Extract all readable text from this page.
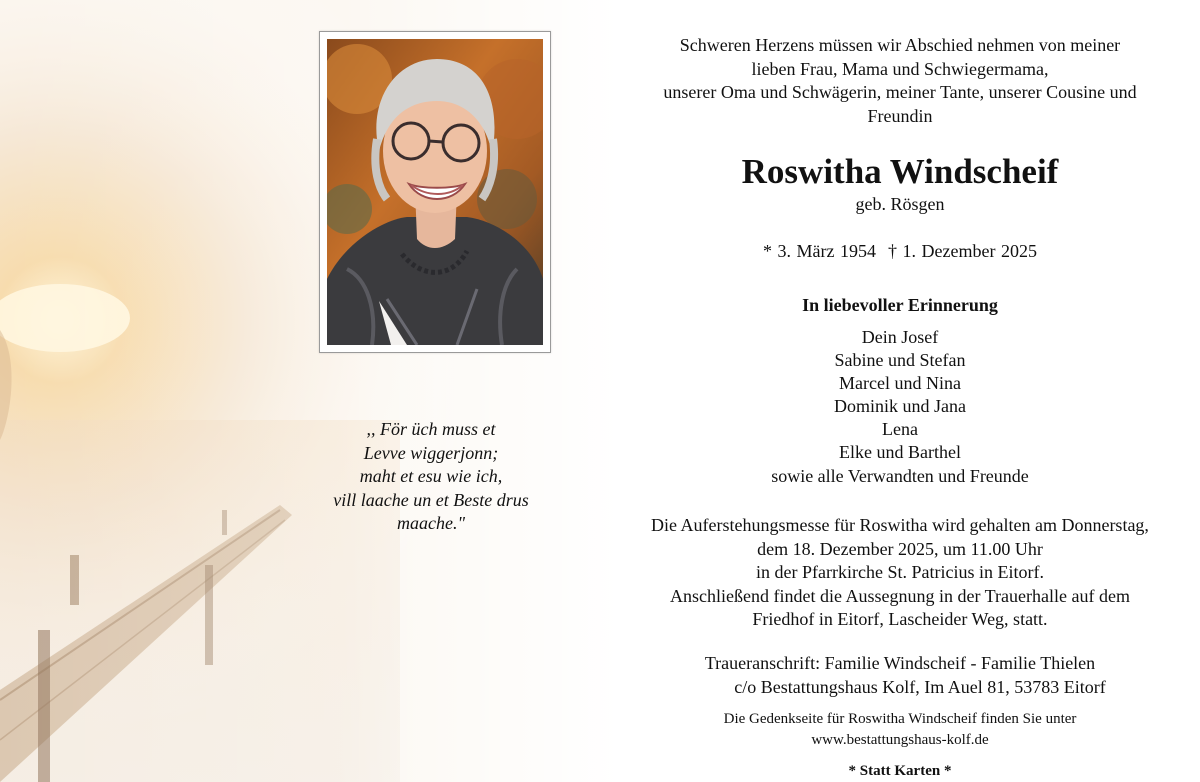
,, För üch muss et
Levve wiggerjonn;
maht et esu wie ich,
vill laache un et Beste drus
maache."
Schweren Herzens müssen wir Abschied nehmen von meiner
lieben Frau, Mama und Schwiegermama,
unserer Oma und Schwägerin, meiner Tante, unserer Cousine und
Freundin
Roswitha Windscheif
geb. Rösgen
* 3. März 1954 † 1. Dezember 2025
In liebevoller Erinnerung
Dein Josef
Sabine und Stefan
Marcel und Nina
Dominik und Jana
Lena
Elke und Barthel
sowie alle Verwandten und Freunde
Die Auferstehungsmesse für Roswitha wird gehalten am Donnerstag,
dem 18. Dezember 2025, um 11.00 Uhr
in der Pfarrkirche St. Patricius in Eitorf.
Anschließend findet die Aussegnung in der Trauerhalle auf dem
Friedhof in Eitorf, Lascheider Weg, statt.
Traueranschrift: Familie Windscheif - Familie Thielen
c/o Bestattungshaus Kolf, Im Auel 81, 53783 Eitorf
Die Gedenkseite für Roswitha Windscheif finden Sie unter
www.bestattungshaus-kolf.de
* Statt Karten *
